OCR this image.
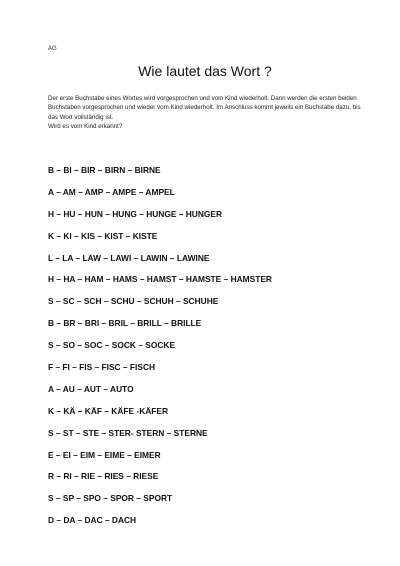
AG
Wie lautet das Wort ?

Der erste Buchstabe eines Wortes wird vorgesprochen und vom Kind wiederholt. Dann werden die ersten beiden Buchstaben vorgesprochen und wieder vom Kind wiederholt. Im Anschluss kommt jeweils ein Buchstabe dazu, bis das Wort vollständig ist.

Wird es vom Kind erkannt?

B – BI – BIR – BIRN – BIRNE
A – AM – AMP – AMPE – AMPEL
H – HU – HUN – HUNG – HUNGE – HUNGER
K – KI – KIS – KIST – KISTE
L – LA – LAW – LAWI – LAWIN – LAWINE
H – HA – HAM – HAMS – HAMST – HAMSTE – HAMSTER
S – SC – SCH – SCHU – SCHUH – SCHUHE
B – BR – BRI – BRIL – BRILL – BRILLE
S – SO – SOC – SOCK – SOCKE
F – FI – FIS – FISC – FISCH
A – AU – AUT – AUTO
K – KÄ – KÄF – KÄFE -KÄFER
S – ST – STE – STER- STERN – STERNE
E – EI – EIM – EIME – EIMER
R – RI – RIE – RIES – RIESE
S – SP – SPO – SPOR – SPORT
D – DA – DAC – DACH
